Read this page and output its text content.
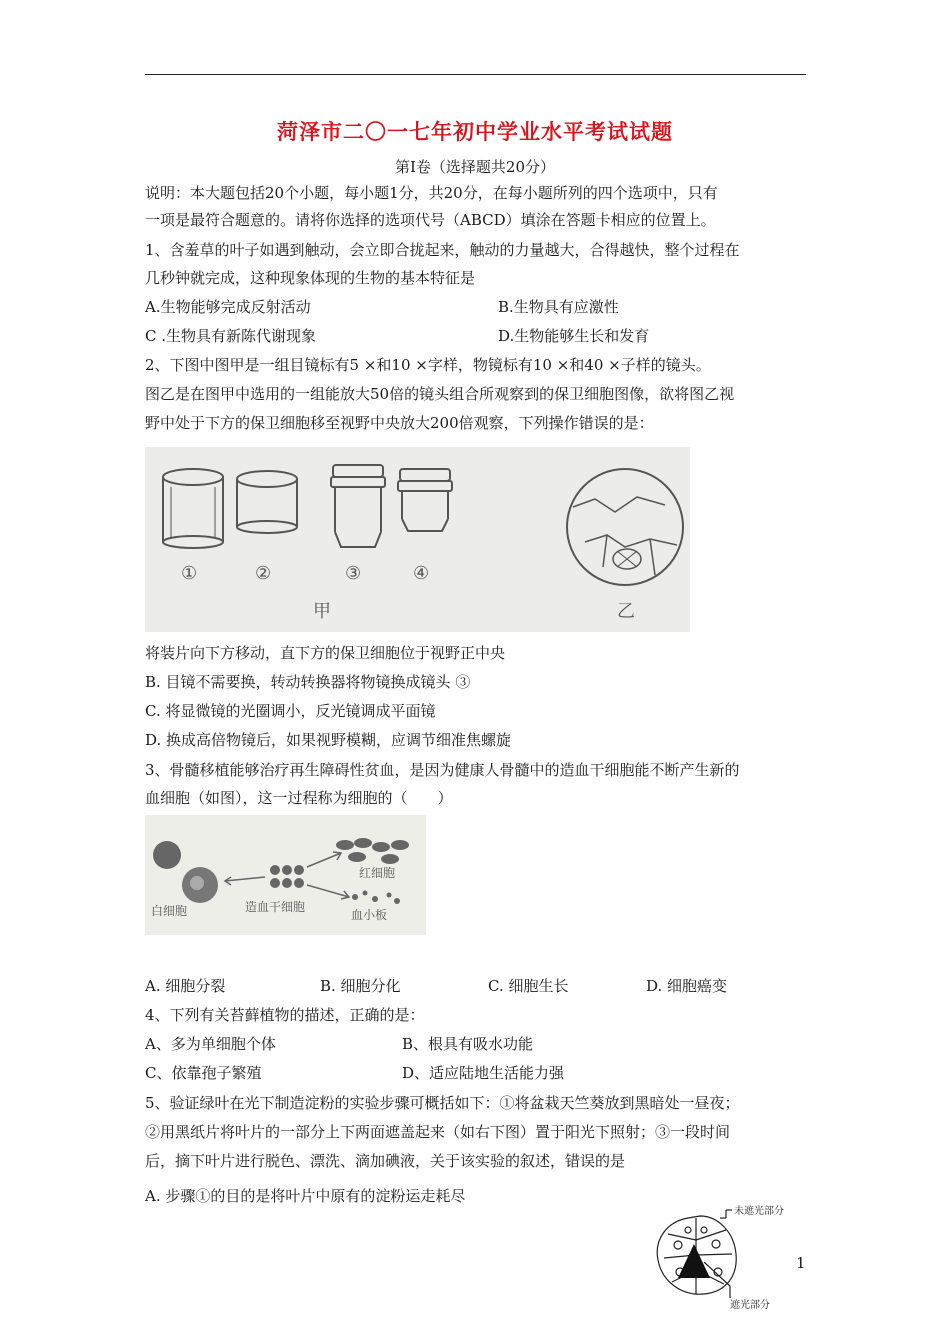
菏泽市二〇一七年初中学业水平考试试题
第Ⅰ卷（选择题共20分）
说明：本大题包括20个小题，每小题1分，共20分，在每小题所列的四个选项中，只有
一项是最符合题意的。请将你选择的选项代号（ABCD）填涂在答题卡相应的位置上。
1、含羞草的叶子如遇到触动，会立即合拢起来，触动的力量越大，合得越快，整个过程在
几秒钟就完成，这种现象体现的生物的基本特征是
A.生物能够完成反射活动	B.生物具有应激性
C .生物具有新陈代谢现象	D.生物能够生长和发育
2、下图中图甲是一组目镜标有5 ×和10 ×字样，物镜标有10 ×和40 ×子样的镜头。
图乙是在图甲中选用的一组能放大50倍的镜头组合所观察到的保卫细胞图像，欲将图乙视
野中处于下方的保卫细胞移至视野中央放大200倍观察，下列操作错误的是：
①	②	③	④
甲	乙
将装片向下方移动，直下方的保卫细胞位于视野正中央
B. 目镜不需要换，转动转换器将物镜换成镜头 ③
C. 将显微镜的光圈调小，反光镜调成平面镜
D. 换成高倍物镜后，如果视野模糊，应调节细准焦螺旋
3、骨髓移植能够治疗再生障碍性贫血，是因为健康人骨髓中的造血干细胞能不断产生新的
血细胞（如图），这一过程称为细胞的（　　）
白细胞	造血干细胞
红细胞
血小板
A. 细胞分裂	B. 细胞分化	C. 细胞生长	D. 细胞癌变
4、下列有关苔藓植物的描述，正确的是：
A、多为单细胞个体	B、根具有吸水功能
C、依靠孢子繁殖	D、适应陆地生活能力强
5、验证绿叶在光下制造淀粉的实验步骤可概括如下：①将盆栽天竺葵放到黑暗处一昼夜；
②用黑纸片将叶片的一部分上下两面遮盖起来（如右下图）置于阳光下照射；③一段时间
后，摘下叶片进行脱色、漂洗、滴加碘液，关于该实验的叙述，错误的是
A. 步骤①的目的是将叶片中原有的淀粉运走耗尽
未遮光部分
遮光部分
1
